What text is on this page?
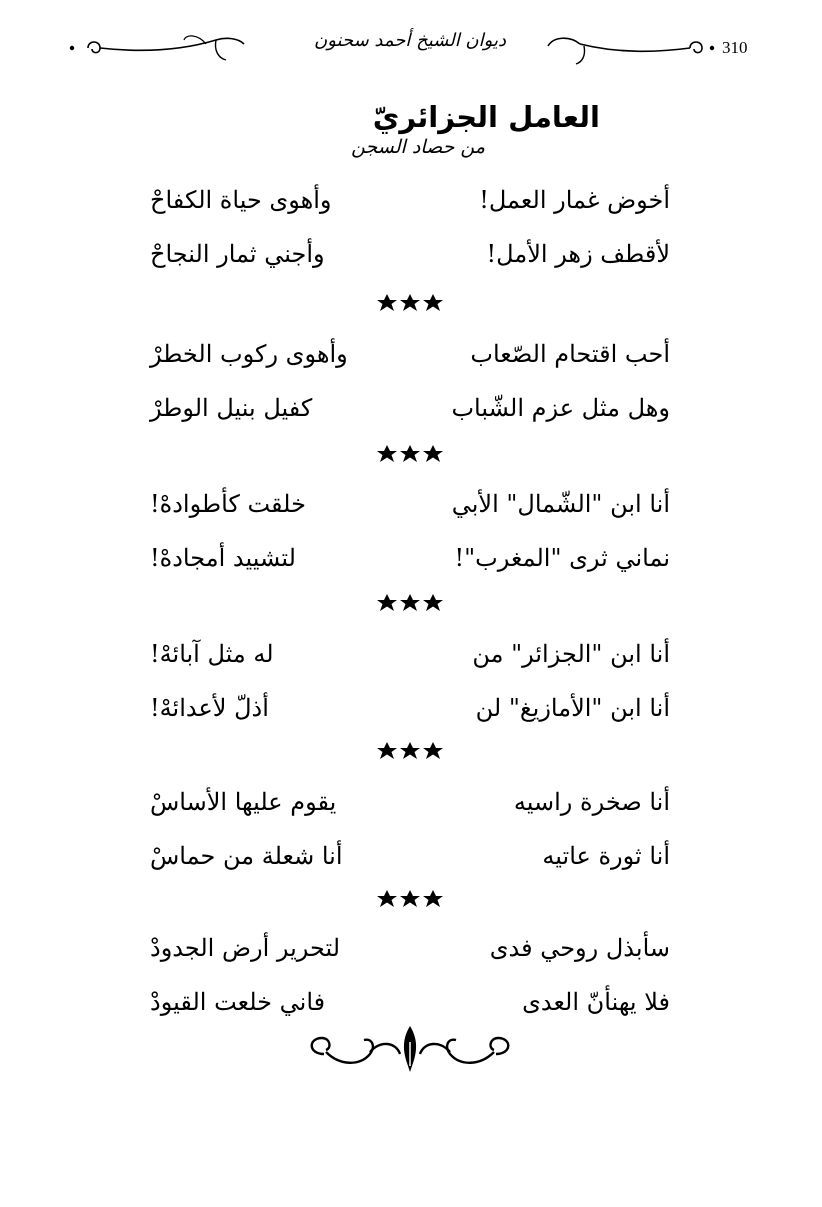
ديوان الشيخ أحمد سحنون	310
العامل الجزائريّ
من حصاد السجن
أخوض غمار العمل!
وأهوى حياة الكفاحْ
لأقطف زهر الأمل!
وأجني ثمار النجاحْ
أحب اقتحام الصّعاب
وأهوى ركوب الخطرْ
وهل مثل عزم الشّباب
كفيل بنيل الوطرْ
أنا ابن "الشّمال" الأبي
خلقت كأطوادهْ!
نماني ثرى "المغرب"!
لتشييد أمجادهْ!
أنا ابن "الجزائر" من
له مثل آبائهْ!
أنا ابن "الأمازيغ" لن
أذلّ لأعدائهْ!
أنا صخرة راسيه
يقوم عليها الأساسْ
أنا ثورة عاتيه
أنا شعلة من حماسْ
سأبذل روحي فدى
لتحرير أرض الجدودْ
فلا يهنأنّ العدى
فاني خلعت القيودْ
